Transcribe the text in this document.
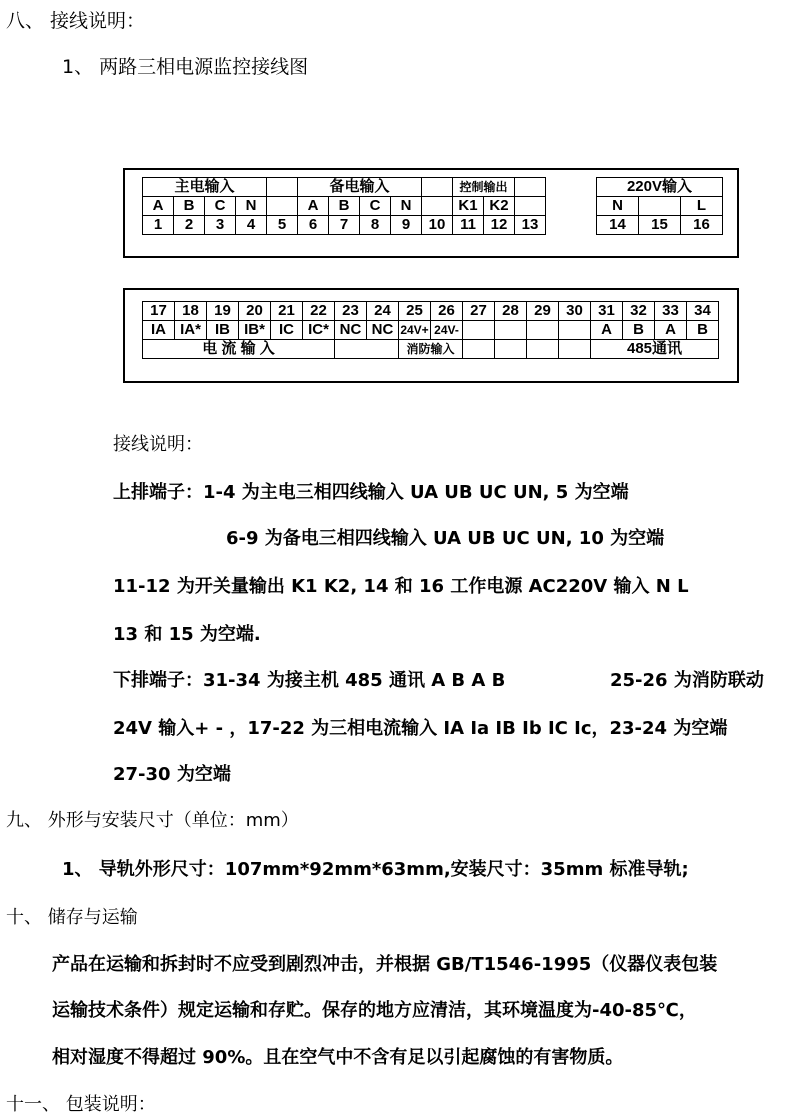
八、 接线说明：
1、 两路三相电源监控接线图
主电输入					备电输入					控制输出		
A	B	C	N		A	B	C	N		K1	K2	
1	2	3	4	5	6	7	8	9	10	11	12	13
220V输入		
N		L
14	15	16
17	18	19	20	21	22	23	24	25	26	27	28	29	30	31	32	33	34
IA	IA*	IB	IB*	IC	IC*	NC	NC	24V+	24V-					A	B	A	B
电 流 输 入								消防输入						485通讯			
接线说明：
上排端子：1-4 为主电三相四线输入 UA UB UC UN, 5 为空端
6-9 为备电三相四线输入 UA UB UC UN, 10 为空端
11-12 为开关量输出 K1 K2, 14 和 16 工作电源 AC220V 输入 N L
13 和 15 为空端.
下排端子：31-34 为接主机 485 通讯 A B A B	25-26 为消防联动
24V 输入+ - ，17-22 为三相电流输入 IA Ia IB Ib IC Ic，23-24 为空端
27-30 为空端
九、 外形与安装尺寸（单位：mm）
1、 导轨外形尺寸：107mm*92mm*63mm,安装尺寸：35mm 标准导轨;
十、 储存与运输
产品在运输和拆封时不应受到剧烈冲击，并根据 GB/T1546-1995（仪器仪表包装
运输技术条件）规定运输和存贮。保存的地方应清洁，其环境温度为-40-85℃，
相对湿度不得超过 90%。且在空气中不含有足以引起腐蚀的有害物质。
十一、 包装说明：
